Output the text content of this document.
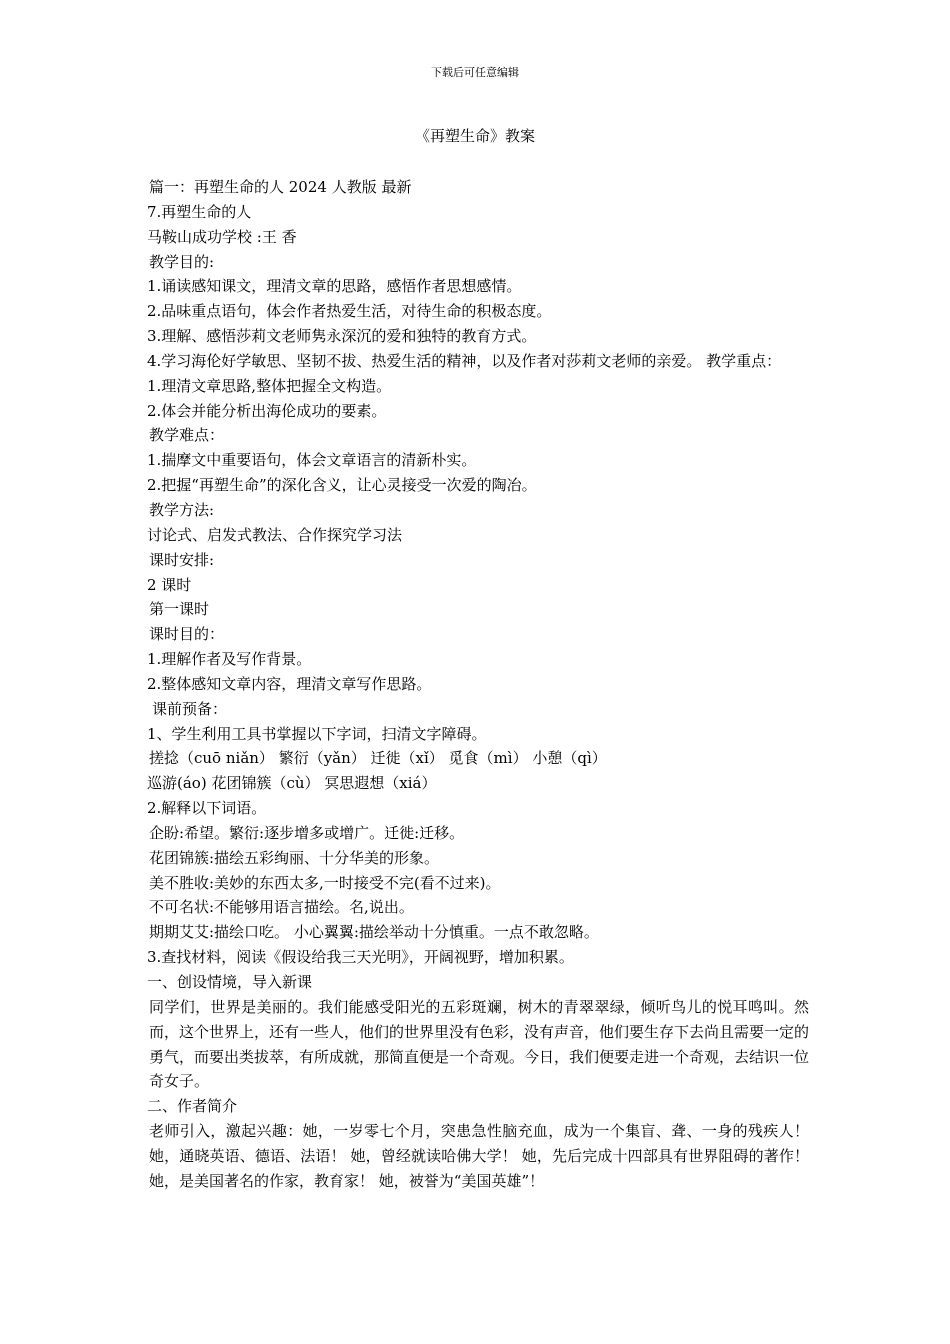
下载后可任意编辑
《再塑生命》教案
篇一：再塑生命的人 2024 人教版 最新
7.再塑生命的人
马鞍山成功学校 :王 香
教学目的:
1.诵读感知课文，理清文章的思路，感悟作者思想感情。
2.品味重点语句，体会作者热爱生活，对待生命的积极态度。
3.理解、感悟莎莉文老师隽永深沉的爱和独特的教育方式。
4.学习海伦好学敏思、坚韧不拔、热爱生活的精神，以及作者对莎莉文老师的亲爱。 教学重点：
1.理清文章思路,整体把握全文构造。
2.体会并能分析出海伦成功的要素。
教学难点：
1.揣摩文中重要语句，体会文章语言的清新朴实。
2.把握“再塑生命”的深化含义，让心灵接受一次爱的陶冶。
教学方法:
讨论式、启发式教法、合作探究学习法
课时安排:
2 课时
第一课时
课时目的：
1.理解作者及写作背景。
2.整体感知文章内容，理清文章写作思路。
课前预备：
1、学生利用工具书掌握以下字词，扫清文字障碍。
搓捻（cuō niǎn） 繁衍（yǎn） 迁徙（xǐ） 觅食（mì） 小憩（qì）
巡游(áo) 花团锦簇（cù） 冥思遐想（xiá）
2.解释以下词语。
企盼:希望。繁衍:逐步增多或增广。迁徙:迁移。
花团锦簇:描绘五彩绚丽、十分华美的形象。
美不胜收:美妙的东西太多,一时接受不完(看不过来)。
不可名状:不能够用语言描绘。名,说出。
期期艾艾:描绘口吃。 小心翼翼:描绘举动十分慎重。一点不敢忽略。
3.查找材料，阅读《假设给我三天光明》，开阔视野，增加积累。
一、创设情境，导入新课
同学们，世界是美丽的。我们能感受阳光的五彩斑斓，树木的青翠翠绿，倾听鸟儿的悦耳鸣叫。然而，这个世界上，还有一些人，他们的世界里没有色彩，没有声音，他们要生存下去尚且需要一定的勇气，而要出类拔萃，有所成就，那简直便是一个奇观。今日，我们便要走进一个奇观，去结识一位奇女子。
二、作者简介
老师引入，激起兴趣：她，一岁零七个月，突患急性脑充血，成为一个集盲、聋、一身的残疾人！ 她，通晓英语、德语、法语！ 她，曾经就读哈佛大学！ 她，先后完成十四部具有世界阻碍的著作！ 她，是美国著名的作家，教育家！ 她，被誉为“美国英雄”！
